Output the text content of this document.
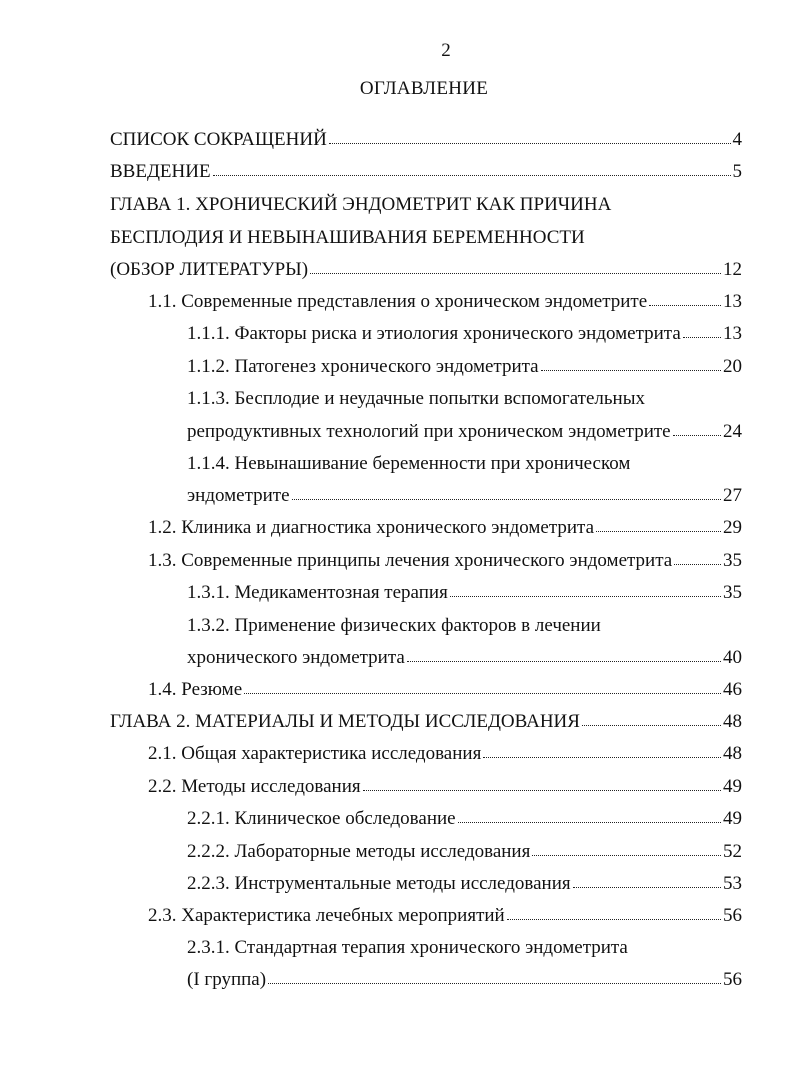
2
ОГЛАВЛЕНИЕ
СПИСОК СОКРАЩЕНИЙ	4
ВВЕДЕНИЕ	5
ГЛАВА 1. ХРОНИЧЕСКИЙ ЭНДОМЕТРИТ КАК ПРИЧИНА
БЕСПЛОДИЯ И НЕВЫНАШИВАНИЯ БЕРЕМЕННОСТИ
(ОБЗОР ЛИТЕРАТУРЫ)	12
1.1. Современные представления о хроническом эндометрите	13
1.1.1. Факторы риска и этиология хронического эндометрита 13
1.1.2. Патогенез хронического эндометрита	20
1.1.3. Бесплодие и неудачные попытки вспомогательных
репродуктивных технологий при хроническом эндометрите	24
1.1.4. Невынашивание беременности при хроническом
эндометрите	27
1.2. Клиника и диагностика хронического эндометрита	29
1.3. Современные принципы лечения хронического эндометрита	35
1.3.1. Медикаментозная терапия	35
1.3.2. Применение физических факторов в лечении
хронического эндометрита	40
1.4. Резюме	46
ГЛАВА 2. МАТЕРИАЛЫ И МЕТОДЫ ИССЛЕДОВАНИЯ	48
2.1. Общая характеристика исследования	48
2.2. Методы исследования	49
2.2.1. Клиническое обследование	49
2.2.2. Лабораторные методы исследования	52
2.2.3. Инструментальные методы исследования	53
2.3. Характеристика лечебных мероприятий	56
2.3.1. Стандартная терапия хронического эндометрита
(I группа)	56
